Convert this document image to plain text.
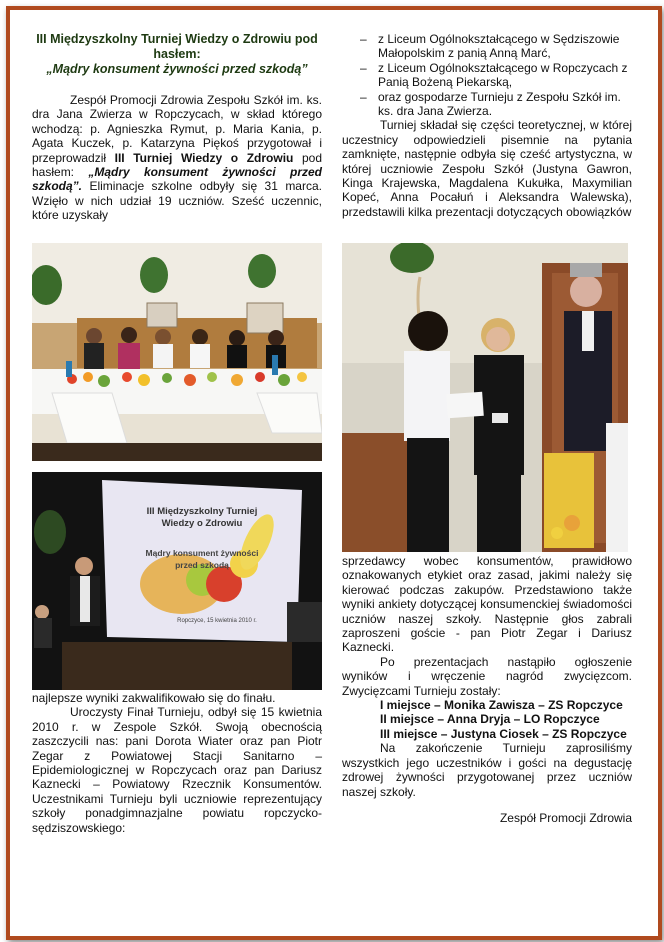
III Międzyszkolny Turniej Wiedzy o Zdrowiu pod hasłem:
„Mądry konsument żywności przed szkodą”

Zespół Promocji Zdrowia Zespołu Szkół im. ks. dra Jana Zwierza w Ropczycach, w skład którego wchodzą: p. Agnieszka Rymut, p. Maria Kania, p. Agata Kuczek, p. Katarzyna Piękoś przygotował i przeprowadził III Turniej Wiedzy o Zdrowiu pod hasłem: „Mądry konsument żywności przed szkodą”. Eliminacje szkolne odbyły się 31 marca. Wzięło w nich udział 19 uczniów. Sześć uczennic, które uzyskały

III Międzyszkolny Turniej
Wiedzy o Zdrowiu
Mądry konsument żywności
przed szkodą
Ropczyce, 15 kwietnia 2010 r.

najlepsze wyniki zakwalifikowało się do finału.

Uroczysty Finał Turnieju, odbył się 15 kwietnia 2010 r. w Zespole Szkół. Swoją obecnością zaszczycili nas: pani Dorota Wiater oraz pan Piotr Zegar z Powiatowej Stacji Sanitarno – Epidemiologicznej w Ropczycach oraz pan Dariusz Kaznecki – Powiatowy Rzecznik Konsumentów. Uczestnikami Turnieju byli uczniowie reprezentujący szkoły ponadgimnazjalne powiatu ropczycko-sędziszowskiego:

– z Liceum Ogólnokształcącego w Sędziszowie Małopolskim z panią Anną Marć,
– z Liceum Ogólnokształcącego w Ropczycach z Panią Bożeną Piekarską,
– oraz gospodarze Turnieju z Zespołu Szkół im. ks. dra Jana Zwierza.

Turniej składał się części teoretycznej, w której uczestnicy odpowiedzieli pisemnie na pytania zamknięte, następnie odbyła się cześć artystyczna, w której uczniowie Zespołu Szkół (Justyna Gawron, Kinga Krajewska, Magdalena Kukułka, Maxymilian Kopeć, Anna Pocałuń i Aleksandra Walewska), przedstawili kilka prezentacji dotyczących obowiązków

sprzedawcy wobec konsumentów, prawidłowo oznakowanych etykiet oraz zasad, jakimi należy się kierować podczas zakupów. Przedstawiono także wyniki ankiety dotyczącej konsumenckiej świadomości uczniów naszej szkoły. Następnie głos zabrali zaproszeni goście - pan Piotr Zegar i Dariusz Kaznecki.

Po prezentacjach nastąpiło ogłoszenie wyników i wręczenie nagród zwycięzcom. Zwycięzcami Turnieju zostały:

I miejsce – Monika Zawisza – ZS Ropczyce
II miejsce – Anna Dryja – LO Ropczyce
III miejsce – Justyna Ciosek – ZS Ropczyce

Na zakończenie Turnieju zaprosiliśmy wszystkich jego uczestników i gości na degustację zdrowej żywności przygotowanej przez uczniów naszej szkoły.

Zespół Promocji Zdrowia
